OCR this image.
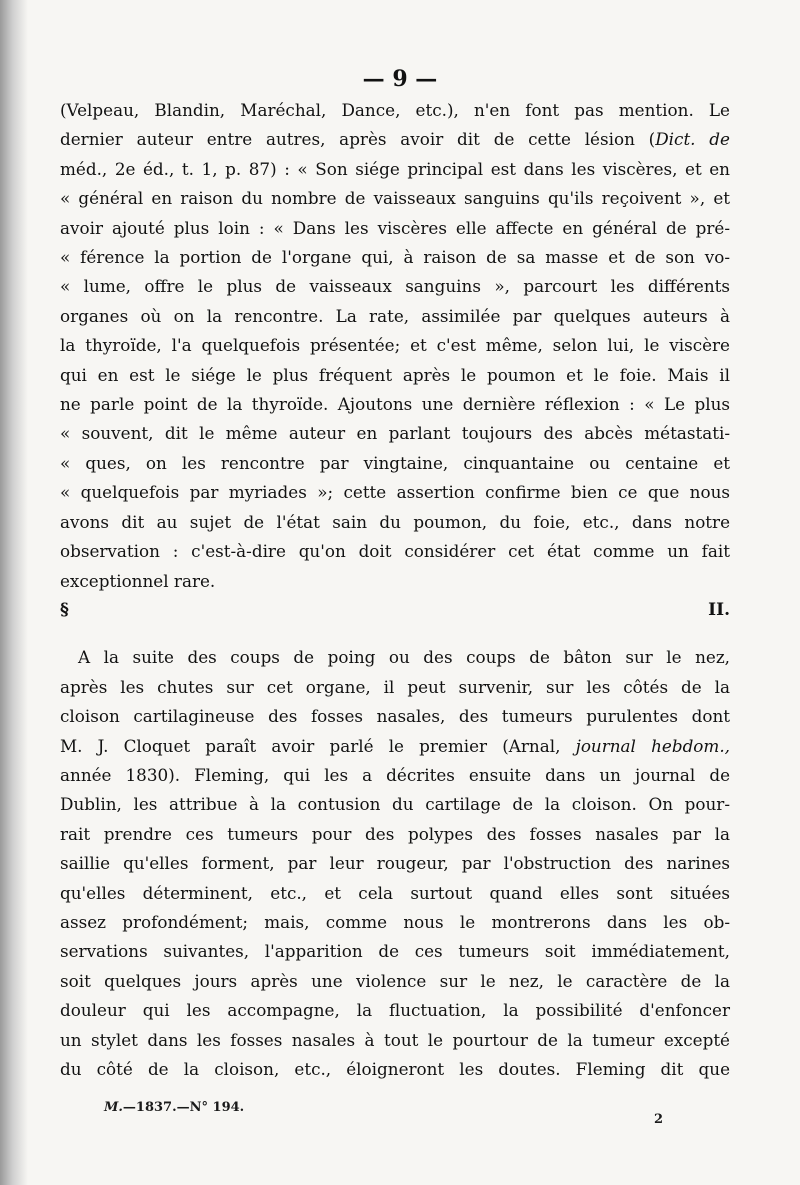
— 9 —

(Velpeau, Blandin, Maréchal, Dance, etc.), n'en font pas mention. Le

dernier auteur entre autres, après avoir dit de cette lésion (Dict. de

méd., 2e éd., t. 1, p. 87) : « Son siége principal est dans les viscères, et en

« général en raison du nombre de vaisseaux sanguins qu'ils reçoivent », et

avoir ajouté plus loin : « Dans les viscères elle affecte en général de pré-

« férence la portion de l'organe qui, à raison de sa masse et de son vo-

« lume, offre le plus de vaisseaux sanguins », parcourt les différents

organes où on la rencontre. La rate, assimilée par quelques auteurs à

la thyroïde, l'a quelquefois présentée; et c'est même, selon lui, le viscère

qui en est le siége le plus fréquent après le poumon et le foie. Mais il

ne parle point de la thyroïde. Ajoutons une dernière réflexion : « Le plus

« souvent, dit le même auteur en parlant toujours des abcès métastati-

« ques, on les rencontre par vingtaine, cinquantaine ou centaine et

« quelquefois par myriades »; cette assertion confirme bien ce que nous

avons dit au sujet de l'état sain du poumon, du foie, etc., dans notre

observation : c'est-à-dire qu'on doit considérer cet état comme un fait

exceptionnel rare.

§ II.

A la suite des coups de poing ou des coups de bâton sur le nez,

après les chutes sur cet organe, il peut survenir, sur les côtés de la

cloison cartilagineuse des fosses nasales, des tumeurs purulentes dont

M. J. Cloquet paraît avoir parlé le premier (Arnal, journal hebdom.,

année 1830). Fleming, qui les a décrites ensuite dans un journal de

Dublin, les attribue à la contusion du cartilage de la cloison. On pour-

rait prendre ces tumeurs pour des polypes des fosses nasales par la

saillie qu'elles forment, par leur rougeur, par l'obstruction des narines

qu'elles déterminent, etc., et cela surtout quand elles sont situées

assez profondément; mais, comme nous le montrerons dans les ob-

servations suivantes, l'apparition de ces tumeurs soit immédiatement,

soit quelques jours après une violence sur le nez, le caractère de la

douleur qui les accompagne, la fluctuation, la possibilité d'enfoncer

un stylet dans les fosses nasales à tout le pourtour de la tumeur excepté

du côté de la cloison, etc., éloigneront les doutes. Fleming dit que

M.—1837.—N° 194.

2
